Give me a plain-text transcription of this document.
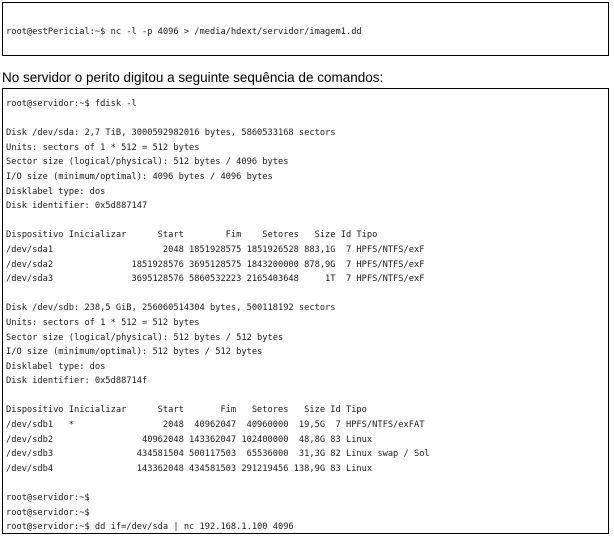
root@estPericial:~$ nc -l -p 4096 > /media/hdext/servidor/imagem1.dd
No servidor o perito digitou a seguinte sequência de comandos:
root@servidor:~$ fdisk -l
Disk /dev/sda: 2,7 TiB, 3000592982016 bytes, 5860533168 sectors
Units: sectors of 1 * 512 = 512 bytes
Sector size (logical/physical): 512 bytes / 4096 bytes
I/O size (minimum/optimal): 4096 bytes / 4096 bytes
Disklabel type: dos
Disk identifier: 0x5d887147
Dispositivo Inicializar      Start        Fim    Setores   Size Id Tipo
/dev/sda1                     2048 1851928575 1851926528 883,1G  7 HPFS/NTFS/exF
/dev/sda2               1851928576 3695128575 1843200000 878,9G  7 HPFS/NTFS/exF
/dev/sda3               3695128576 5860532223 2165403648     1T  7 HPFS/NTFS/exF
Disk /dev/sdb: 238,5 GiB, 256060514304 bytes, 500118192 sectors
Units: sectors of 1 * 512 = 512 bytes
Sector size (logical/physical): 512 bytes / 512 bytes
I/O size (minimum/optimal): 512 bytes / 512 bytes
Disklabel type: dos
Disk identifier: 0x5d88714f
Dispositivo Inicializar      Start       Fim   Setores   Size Id Tipo
/dev/sdb1   *                 2048  40962047  40960000  19,5G  7 HPFS/NTFS/exFAT
/dev/sdb2                 40962048 143362047 102400000  48,8G 83 Linux
/dev/sdb3                434581504 500117503  65536000  31,3G 82 Linux swap / Sol
/dev/sdb4                143362048 434581503 291219456 138,9G 83 Linux
root@servidor:~$
root@servidor:~$
root@servidor:~$ dd if=/dev/sda | nc 192.168.1.100 4096
